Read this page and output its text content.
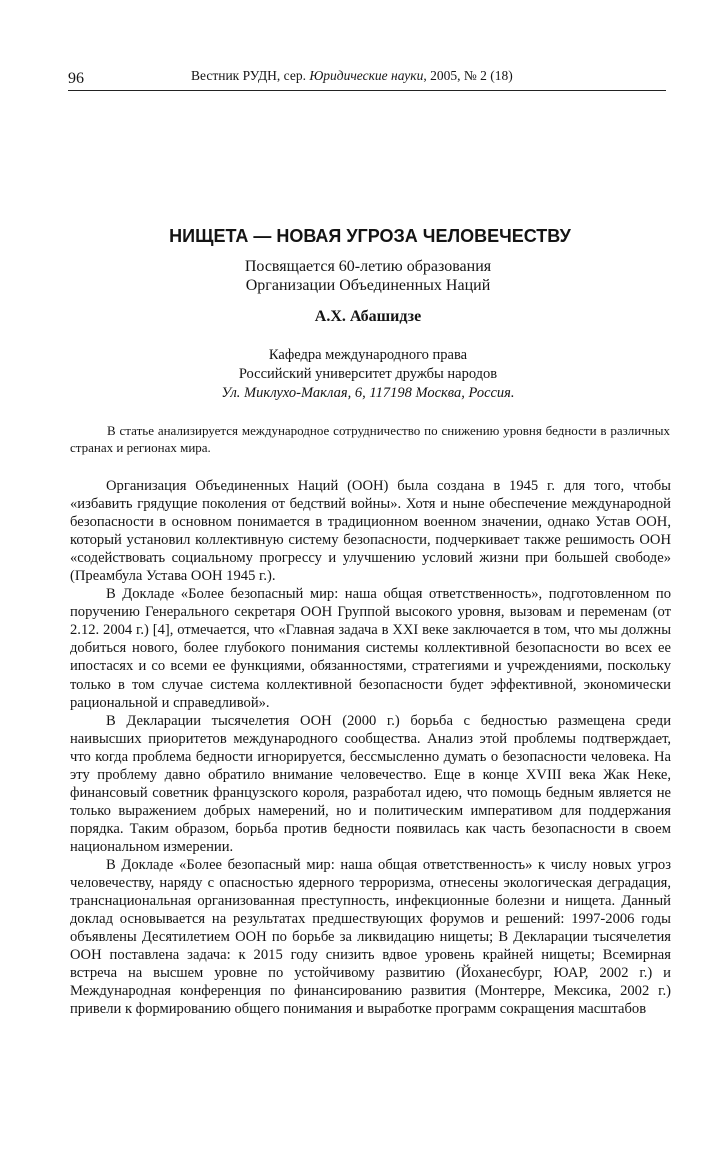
96	Вестник РУДН, сер. Юридические науки, 2005, № 2 (18)
НИЩЕТА — НОВАЯ УГРОЗА ЧЕЛОВЕЧЕСТВУ
Посвящается 60-летию образования
Организации Объединенных Наций
А.Х. Абашидзе
Кафедра международного права
Российский университет дружбы народов
Ул. Миклухо-Маклая, 6, 117198 Москва, Россия.
В статье анализируется международное сотрудничество по снижению уровня бедности в различных странах и регионах мира.

Организация Объединенных Наций (ООН) была создана в 1945 г. для того, чтобы «избавить грядущие поколения от бедствий войны». Хотя и ныне обеспечение международной безопасности в основном понимается в традиционном военном значении, однако Устав ООН, который установил коллективную систему безопасности, подчеркивает также решимость ООН «содействовать социальному прогрессу и улучшению условий жизни при большей свободе» (Преамбула Устава ООН 1945 г.).

В Докладе «Более безопасный мир: наша общая ответственность», подготовленном по поручению Генерального секретаря ООН Группой высокого уровня, вызовам и переменам (от 2.12. 2004 г.) [4], отмечается, что «Главная задача в XXI веке заключается в том, что мы должны добиться нового, более глубокого понимания системы коллективной безопасности во всех ее ипостасях и со всеми ее функциями, обязанностями, стратегиями и учреждениями, поскольку только в том случае система коллективной безопасности будет эффективной, экономически рациональной и справедливой».

В Декларации тысячелетия ООН (2000 г.) борьба с бедностью размещена среди наивысших приоритетов международного сообщества. Анализ этой проблемы подтверждает, что когда проблема бедности игнорируется, бессмысленно думать о безопасности человека. На эту проблему давно обратило внимание человечество. Еще в конце XVIII века Жак Неке, финансовый советник французского короля, разработал идею, что помощь бедным является не только выражением добрых намерений, но и политическим императивом для поддержания порядка. Таким образом, борьба против бедности появилась как часть безопасности в своем национальном измерении.

В Докладе «Более безопасный мир: наша общая ответственность» к числу новых угроз человечеству, наряду с опасностью ядерного терроризма, отнесены экологическая деградация, транснациональная организованная преступность, инфекционные болезни и нищета. Данный доклад основывается на результатах предшествующих форумов и решений: 1997-2006 годы объявлены Десятилетием ООН по борьбе за ликвидацию нищеты; В Декларации тысячелетия ООН поставлена задача: к 2015 году снизить вдвое уровень крайней нищеты; Всемирная встреча на высшем уровне по устойчивому развитию (Йоханесбург, ЮАР, 2002 г.) и Международная конференция по финансированию развития (Монтерре, Мексика, 2002 г.) привели к формированию общего понимания и выработке программ сокращения масштабов
